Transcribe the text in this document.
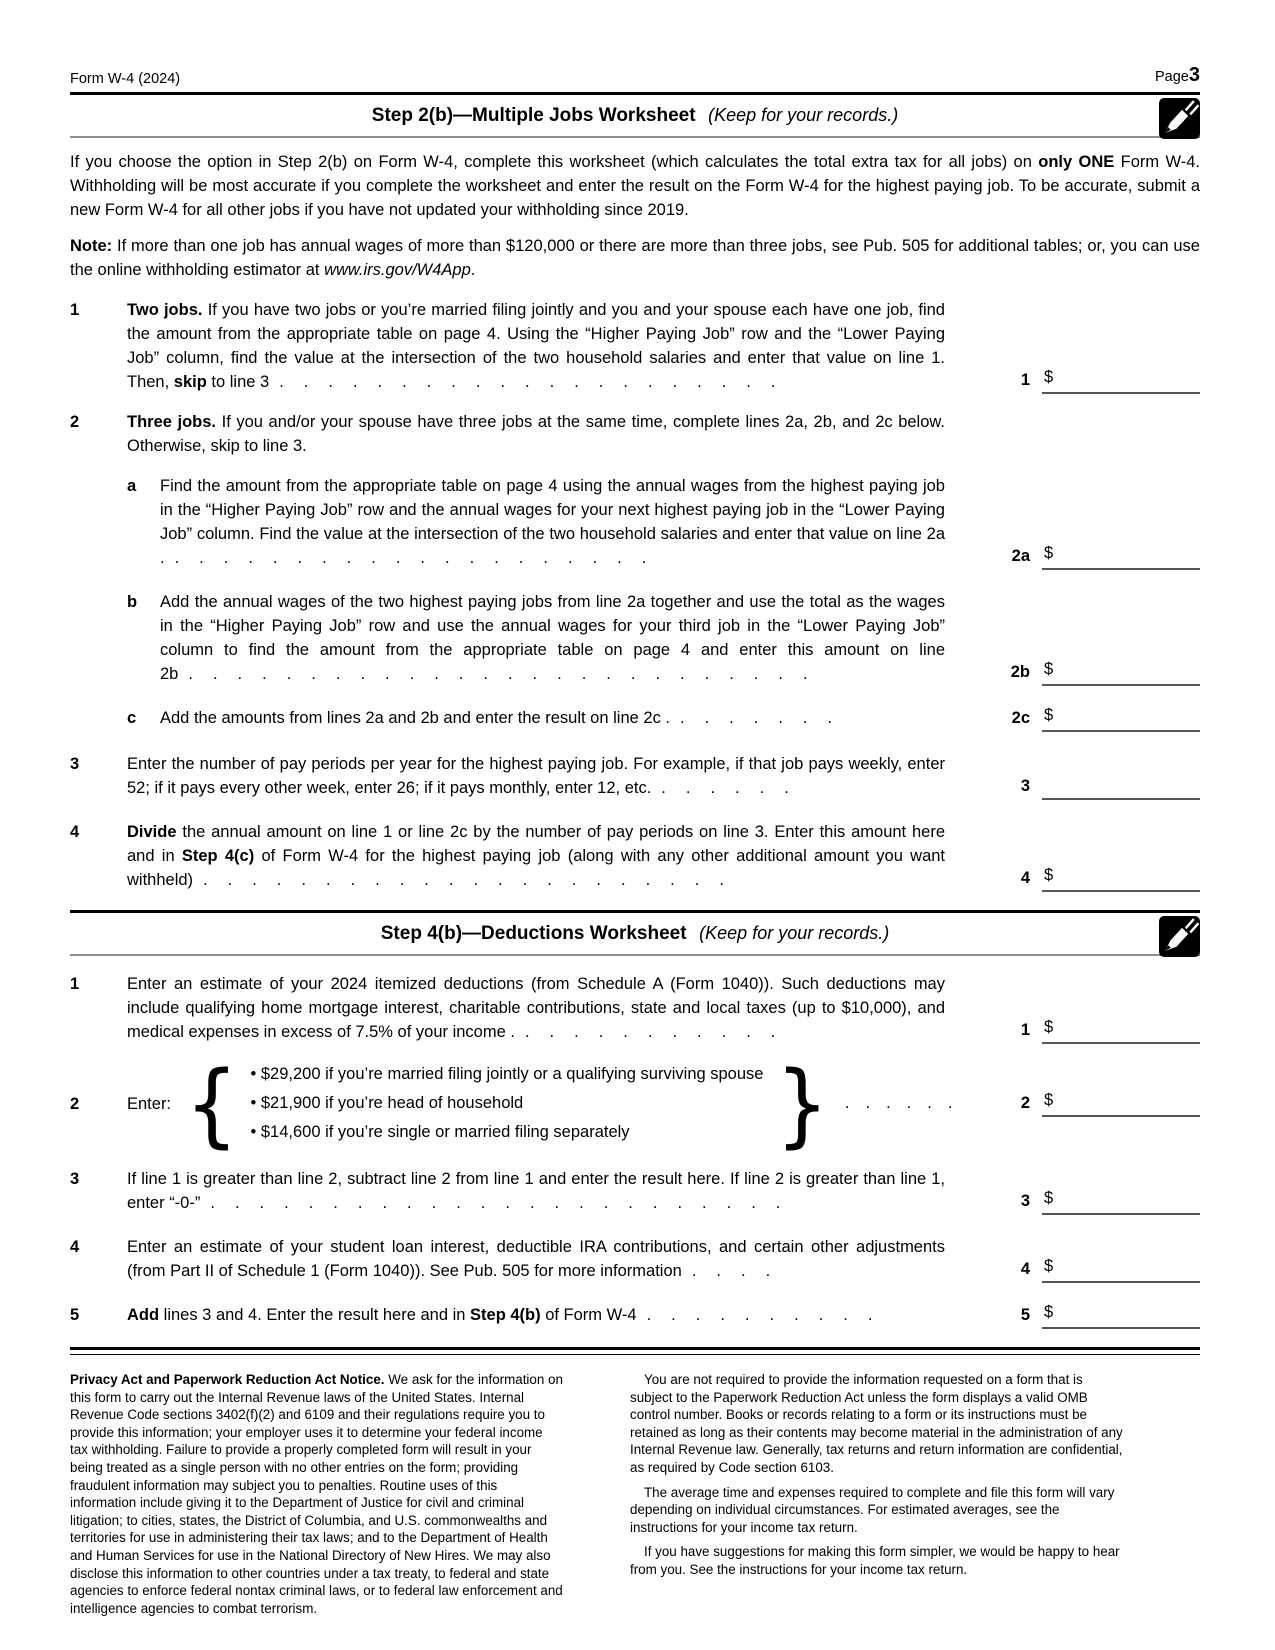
Form W-4 (2024)	Page3
Step 2(b)—Multiple Jobs Worksheet (Keep for your records.)
If you choose the option in Step 2(b) on Form W-4, complete this worksheet (which calculates the total extra tax for all jobs) on only ONE Form W-4. Withholding will be most accurate if you complete the worksheet and enter the result on the Form W-4 for the highest paying job. To be accurate, submit a new Form W-4 for all other jobs if you have not updated your withholding since 2019.
Note: If more than one job has annual wages of more than $120,000 or there are more than three jobs, see Pub. 505 for additional tables; or, you can use the online withholding estimator at www.irs.gov/W4App.
1	Two jobs. If you have two jobs or you’re married filing jointly and you and your spouse each have one job, find the amount from the appropriate table on page 4. Using the “Higher Paying Job” row and the “Lower Paying Job” column, find the value at the intersection of the two household salaries and enter that value on line 1. Then, skip to line 3 .....................	1 $
2	Three jobs. If you and/or your spouse have three jobs at the same time, complete lines 2a, 2b, and 2c below. Otherwise, skip to line 3.
a	Find the amount from the appropriate table on page 4 using the annual wages from the highest paying job in the “Higher Paying Job” row and the annual wages for your next highest paying job in the “Lower Paying Job” column. Find the value at the intersection of the two household salaries and enter that value on line 2a . ....................	2a $
b	Add the annual wages of the two highest paying jobs from line 2a together and use the total as the wages in the “Higher Paying Job” row and use the annual wages for your third job in the “Lower Paying Job” column to find the amount from the appropriate table on page 4 and enter this amount on line 2b ..........................	2b $
c	Add the amounts from lines 2a and 2b and enter the result on line 2c . .......	2c $
3	Enter the number of pay periods per year for the highest paying job. For example, if that job pays weekly, enter 52; if it pays every other week, enter 26; if it pays monthly, enter 12, etc. ......	3
4	Divide the annual amount on line 1 or line 2c by the number of pay periods on line 3. Enter this amount here and in Step 4(c) of Form W-4 for the highest paying job (along with any other additional amount you want withheld) ......................	4 $
Step 4(b)—Deductions Worksheet (Keep for your records.)
1	Enter an estimate of your 2024 itemized deductions (from Schedule A (Form 1040)). Such deductions may include qualifying home mortgage interest, charitable contributions, state and local taxes (up to $10,000), and medical expenses in excess of 7.5% of your income . ...........	1 $
2	Enter: {	• $29,200 if you’re married filing jointly or a qualifying surviving spouse
• $21,900 if you’re head of household
• $14,600 if you’re single or married filing separately	} ......	2 $
3	If line 1 is greater than line 2, subtract line 2 from line 1 and enter the result here. If line 2 is greater than line 1, enter “-0-” ........................	3 $
4	Enter an estimate of your student loan interest, deductible IRA contributions, and certain other adjustments (from Part II of Schedule 1 (Form 1040)). See Pub. 505 for more information ....	4 $
5	Add lines 3 and 4. Enter the result here and in Step 4(b) of Form W-4 ..........	5 $

Privacy Act and Paperwork Reduction Act Notice. We ask for the information on this form to carry out the Internal Revenue laws of the United States. Internal Revenue Code sections 3402(f)(2) and 6109 and their regulations require you to provide this information; your employer uses it to determine your federal income tax withholding. Failure to provide a properly completed form will result in your being treated as a single person with no other entries on the form; providing fraudulent information may subject you to penalties. Routine uses of this information include giving it to the Department of Justice for civil and criminal litigation; to cities, states, the District of Columbia, and U.S. commonwealths and territories for use in administering their tax laws; and to the Department of Health and Human Services for use in the National Directory of New Hires. We may also disclose this information to other countries under a tax treaty, to federal and state agencies to enforce federal nontax criminal laws, or to federal law enforcement and intelligence agencies to combat terrorism.

You are not required to provide the information requested on a form that is subject to the Paperwork Reduction Act unless the form displays a valid OMB control number. Books or records relating to a form or its instructions must be retained as long as their contents may become material in the administration of any Internal Revenue law. Generally, tax returns and return information are confidential, as required by Code section 6103.

The average time and expenses required to complete and file this form will vary depending on individual circumstances. For estimated averages, see the instructions for your income tax return.

If you have suggestions for making this form simpler, we would be happy to hear from you. See the instructions for your income tax return.
